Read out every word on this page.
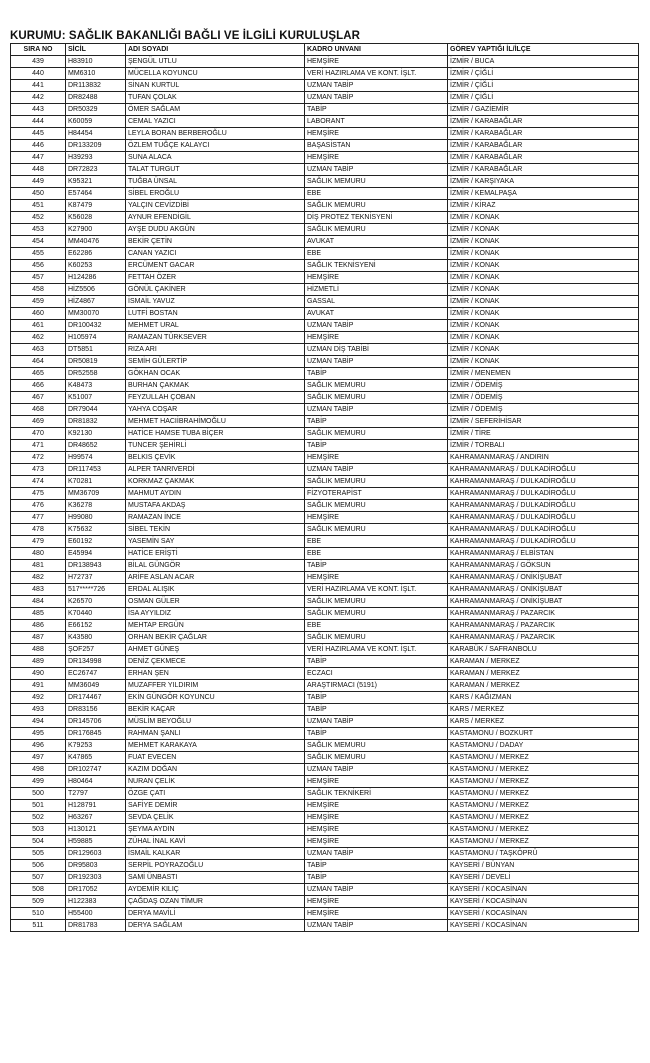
KURUMU: SAĞLIK BAKANLIĞI BAĞLI VE İLGİLİ KURULUŞLAR
SIRA NO	SİCİL	ADI SOYADI	KADRO UNVANI	GÖREV YAPTIĞI İL/İLÇE
439	H83910	ŞENGÜL UTLU	HEMŞİRE	İZMİR / BUCA
440	MM6310	MÜCELLA KOYUNCU	VERİ HAZIRLAMA VE KONT. İŞLT.	İZMİR / ÇİĞLİ
441	DR113832	SİNAN KURTUL	UZMAN TABİP	İZMİR / ÇİĞLİ
442	DR82488	TUFAN ÇOLAK	UZMAN TABİP	İZMİR / ÇİĞLİ
443	DR50329	ÖMER SAĞLAM	TABİP	İZMİR / GAZİEMİR
444	K60059	CEMAL YAZICI	LABORANT	İZMİR / KARABAĞLAR
445	H84454	LEYLA BORAN BERBEROĞLU	HEMŞİRE	İZMİR / KARABAĞLAR
446	DR133209	ÖZLEM TUĞÇE KALAYCI	BAŞASİSTAN	İZMİR / KARABAĞLAR
447	H39293	SUNA ALACA	HEMŞİRE	İZMİR / KARABAĞLAR
448	DR72823	TALAT TURGUT	UZMAN TABİP	İZMİR / KARABAĞLAR
449	K95321	TUĞBA ÜNSAL	SAĞLIK MEMURU	İZMİR / KARŞIYAKA
450	E57464	SİBEL EROĞLU	EBE	İZMİR / KEMALPAŞA
451	K87479	YALÇIN CEVİZDİBİ	SAĞLIK MEMURU	İZMİR / KİRAZ
452	K56028	AYNUR EFENDİGİL	DİŞ PROTEZ TEKNİSYENİ	İZMİR / KONAK
453	K27900	AYŞE DUDU AKGÜN	SAĞLIK MEMURU	İZMİR / KONAK
454	MM40476	BEKİR ÇETİN	AVUKAT	İZMİR / KONAK
455	E62286	CANAN YAZICI	EBE	İZMİR / KONAK
456	K60253	ERCÜMENT GACAR	SAĞLIK TEKNİSYENİ	İZMİR / KONAK
457	H124286	FETTAH ÖZER	HEMŞİRE	İZMİR / KONAK
458	HİZ5506	GÖNÜL ÇAKİNER	HİZMETLİ	İZMİR / KONAK
459	HİZ4867	İSMAİL YAVUZ	GASSAL	İZMİR / KONAK
460	MM30070	LUTFİ BOSTAN	AVUKAT	İZMİR / KONAK
461	DR100432	MEHMET URAL	UZMAN TABİP	İZMİR / KONAK
462	H105974	RAMAZAN TÜRKSEVER	HEMŞİRE	İZMİR / KONAK
463	DT5851	RIZA ARI	UZMAN DİŞ TABİBİ	İZMİR / KONAK
464	DR50819	SEMİH GÜLERTİP	UZMAN TABİP	İZMİR / KONAK
465	DR52558	GÖKHAN OCAK	TABİP	İZMİR / MENEMEN
466	K48473	BURHAN ÇAKMAK	SAĞLIK MEMURU	İZMİR / ÖDEMİŞ
467	K51007	FEYZULLAH ÇOBAN	SAĞLIK MEMURU	İZMİR / ÖDEMİŞ
468	DR79044	YAHYA COŞAR	UZMAN TABİP	İZMİR / ÖDEMİŞ
469	DR81832	MEHMET HACIİBRAHİMOĞLU	TABİP	İZMİR / SEFERİHİSAR
470	K92130	HATİCE HAMSE TUBA BİÇER	SAĞLIK MEMURU	İZMİR / TİRE
471	DR48652	TUNCER ŞEHİRLİ	TABİP	İZMİR / TORBALI
472	H99574	BELKIS ÇEVİK	HEMŞİRE	KAHRAMANMARAŞ / ANDIRIN
473	DR117453	ALPER TANRIVERDİ	UZMAN TABİP	KAHRAMANMARAŞ / DULKADİROĞLU
474	K70281	KORKMAZ ÇAKMAK	SAĞLIK MEMURU	KAHRAMANMARAŞ / DULKADİROĞLU
475	MM36709	MAHMUT AYDIN	FİZYOTERAPİST	KAHRAMANMARAŞ / DULKADİROĞLU
476	K36278	MUSTAFA AKDAŞ	SAĞLIK MEMURU	KAHRAMANMARAŞ / DULKADİROĞLU
477	H99080	RAMAZAN İNCE	HEMŞİRE	KAHRAMANMARAŞ / DULKADİROĞLU
478	K75632	SİBEL TEKİN	SAĞLIK MEMURU	KAHRAMANMARAŞ / DULKADİROĞLU
479	E60192	YASEMİN SAY	EBE	KAHRAMANMARAŞ / DULKADİROĞLU
480	E45994	HATİCE ERİŞTİ	EBE	KAHRAMANMARAŞ / ELBİSTAN
481	DR138943	BİLAL GÜNGÖR	TABİP	KAHRAMANMARAŞ / GÖKSUN
482	H72737	ARİFE ASLAN ACAR	HEMŞİRE	KAHRAMANMARAŞ / ONİKİŞUBAT
483	517*****726	ERDAL ALIŞIK	VERİ HAZIRLAMA VE KONT. İŞLT.	KAHRAMANMARAŞ / ONİKİŞUBAT
484	K26570	OSMAN GÜLER	SAĞLIK MEMURU	KAHRAMANMARAŞ / ONİKİŞUBAT
485	K70440	İSA AYYILDIZ	SAĞLIK MEMURU	KAHRAMANMARAŞ / PAZARCIK
486	E66152	MEHTAP ERGÜN	EBE	KAHRAMANMARAŞ / PAZARCIK
487	K43580	ORHAN BEKİR ÇAĞLAR	SAĞLIK MEMURU	KAHRAMANMARAŞ / PAZARCIK
488	ŞOF257	AHMET GÜNEŞ	VERİ HAZIRLAMA VE KONT. İŞLT.	KARABÜK / SAFRANBOLU
489	DR134998	DENİZ ÇEKMECE	TABİP	KARAMAN / MERKEZ
490	EC26747	ERHAN ŞEN	ECZACI	KARAMAN / MERKEZ
491	MM36049	MUZAFFER YILDIRIM	ARAŞTIRMACI (5191)	KARAMAN / MERKEZ
492	DR174467	EKİN GÜNGÖR KOYUNCU	TABİP	KARS / KAĞIZMAN
493	DR83156	BEKİR KAÇAR	TABİP	KARS / MERKEZ
494	DR145706	MÜSLİM BEYOĞLU	UZMAN TABİP	KARS / MERKEZ
495	DR176845	RAHMAN ŞANLI	TABİP	KASTAMONU / BOZKURT
496	K79253	MEHMET KARAKAYA	SAĞLIK MEMURU	KASTAMONU / DADAY
497	K47865	FUAT EVECEN	SAĞLIK MEMURU	KASTAMONU / MERKEZ
498	DR102747	KAZIM DOĞAN	UZMAN TABİP	KASTAMONU / MERKEZ
499	H80464	NURAN ÇELİK	HEMŞİRE	KASTAMONU / MERKEZ
500	T2797	ÖZGE ÇATI	SAĞLIK TEKNİKERİ	KASTAMONU / MERKEZ
501	H128791	SAFİYE DEMİR	HEMŞİRE	KASTAMONU / MERKEZ
502	H63267	SEVDA ÇELİK	HEMŞİRE	KASTAMONU / MERKEZ
503	H130121	ŞEYMA AYDIN	HEMŞİRE	KASTAMONU / MERKEZ
504	H59885	ZÜHAL İNAL KAVİ	HEMŞİRE	KASTAMONU / MERKEZ
505	DR129603	İSMAİL KALKAR	UZMAN TABİP	KASTAMONU / TAŞKÖPRÜ
506	DR95803	SERPİL POYRAZOĞLU	TABİP	KAYSERİ / BÜNYAN
507	DR192303	SAMİ ÜNBASTI	TABİP	KAYSERİ / DEVELİ
508	DR17052	AYDEMİR KILIÇ	UZMAN TABİP	KAYSERİ / KOCASİNAN
509	H122383	ÇAĞDAŞ OZAN TİMUR	HEMŞİRE	KAYSERİ / KOCASİNAN
510	H55400	DERYA MAVİLİ	HEMŞİRE	KAYSERİ / KOCASİNAN
511	DR81783	DERYA SAĞLAM	UZMAN TABİP	KAYSERİ / KOCASİNAN
